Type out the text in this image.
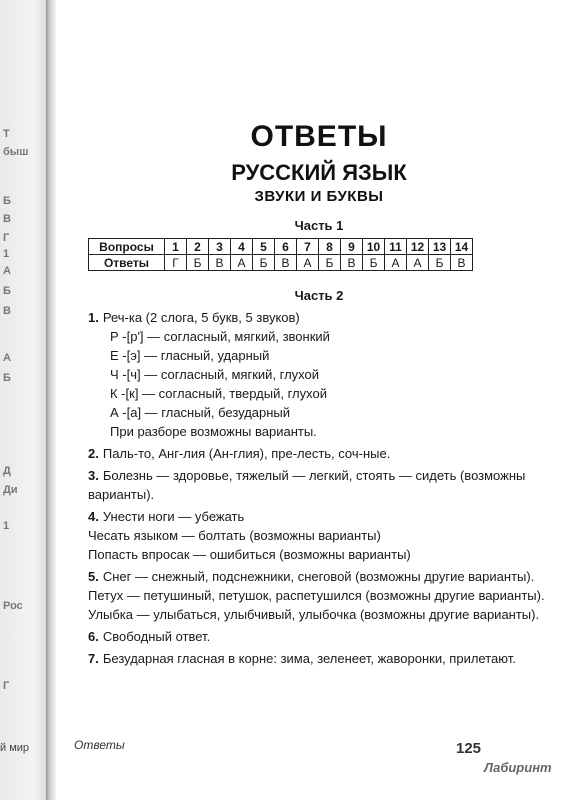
Т
быш
Б
В
Г
1
А
Б
В
А
Б
Д
Ди
1
Рос
Г
й мир
ОТВЕТЫ
РУССКИЙ ЯЗЫК
ЗВУКИ И БУКВЫ
Часть 1
Вопросы	1	2	3	4	5	6	7	8	9	10	11	12	13	14
Ответы	Г	Б	В	А	Б	В	А	Б	В	Б	А	А	Б	В
Часть 2
1. Реч-ка (2 слога, 5 букв, 5 звуков)
Р -[р'] — согласный, мягкий, звонкий
Е -[э] — гласный, ударный
Ч -[ч] — согласный, мягкий, глухой
К -[к] — согласный, твердый, глухой
А -[а] — гласный, безударный
При разборе возможны варианты.
2. Паль-то, Анг-лия (Ан-глия), пре-лесть, соч-ные.
3. Болезнь — здоровье, тяжелый — легкий, стоять — сидеть (возможны варианты).
4. Унести ноги — убежать
Чесать языком — болтать (возможны варианты)
Попасть впросак — ошибиться (возможны варианты)
5. Снег — снежный, подснежники, снеговой (возможны другие варианты).
Петух — петушиный, петушок, распетушился (возможны другие варианты).
Улыбка — улыбаться, улыбчивый, улыбочка (возможны другие варианты).
6. Свободный ответ.
7. Безударная гласная в корне: зима, зеленеет, жаворонки, прилетают.
Ответы	125
Лабиринт
